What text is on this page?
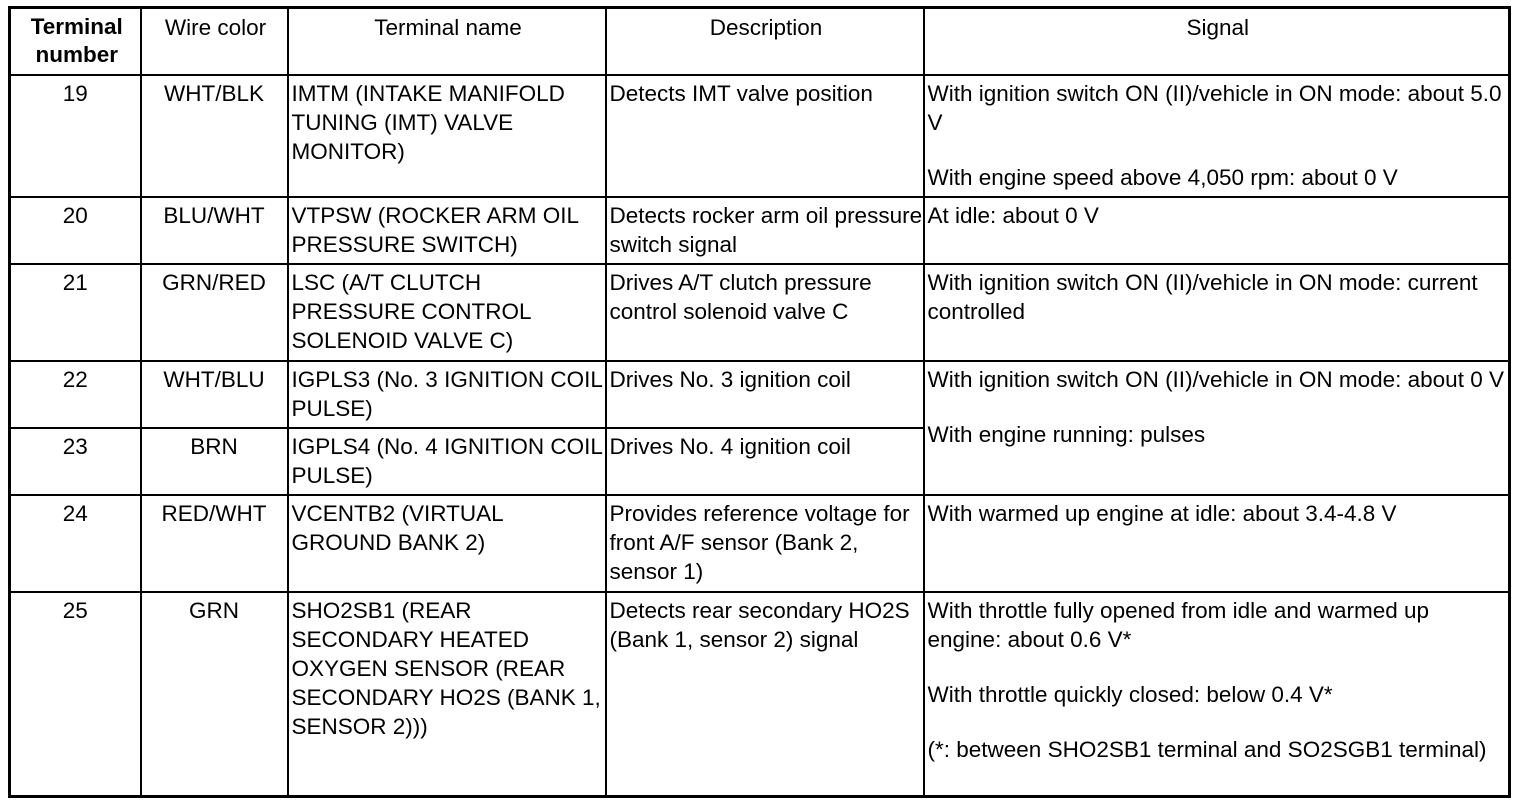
Terminal
number	Wire color	Terminal name	Description	Signal
19	WHT/BLK	IMTM (INTAKE MANIFOLD TUNING (IMT) VALVE MONITOR)	Detects IMT valve position	With ignition switch ON (II)/vehicle in ON mode: about 5.0 V

With engine speed above 4,050 rpm: about 0 V

20	BLU/WHT	VTPSW (ROCKER ARM OIL PRESSURE SWITCH)	Detects rocker arm oil pressure switch signal	At idle: about 0 V

21	GRN/RED	LSC (A/T CLUTCH PRESSURE CONTROL SOLENOID VALVE C)	Drives A/T clutch pressure control solenoid valve C	With ignition switch ON (II)/vehicle in ON mode: current controlled

22	WHT/BLU	IGPLS3 (No. 3 IGNITION COIL PULSE)	Drives No. 3 ignition coil	With ignition switch ON (II)/vehicle in ON mode: about 0 V

With engine running: pulses

23	BRN	IGPLS4 (No. 4 IGNITION COIL PULSE)	Drives No. 4 ignition coil	
24	RED/WHT	VCENTB2 (VIRTUAL GROUND BANK 2)	Provides reference voltage for front A/F sensor (Bank 2, sensor 1)	With warmed up engine at idle: about 3.4-4.8 V

25	GRN	SHO2SB1 (REAR SECONDARY HEATED OXYGEN SENSOR (REAR SECONDARY HO2S (BANK 1, SENSOR 2)))	Detects rear secondary HO2S   (Bank 1, sensor 2) signal	With throttle fully opened from idle and warmed up engine: about 0.6 V*

With throttle quickly closed: below 0.4 V*

(*: between SHO2SB1 terminal and SO2SGB1 terminal)
